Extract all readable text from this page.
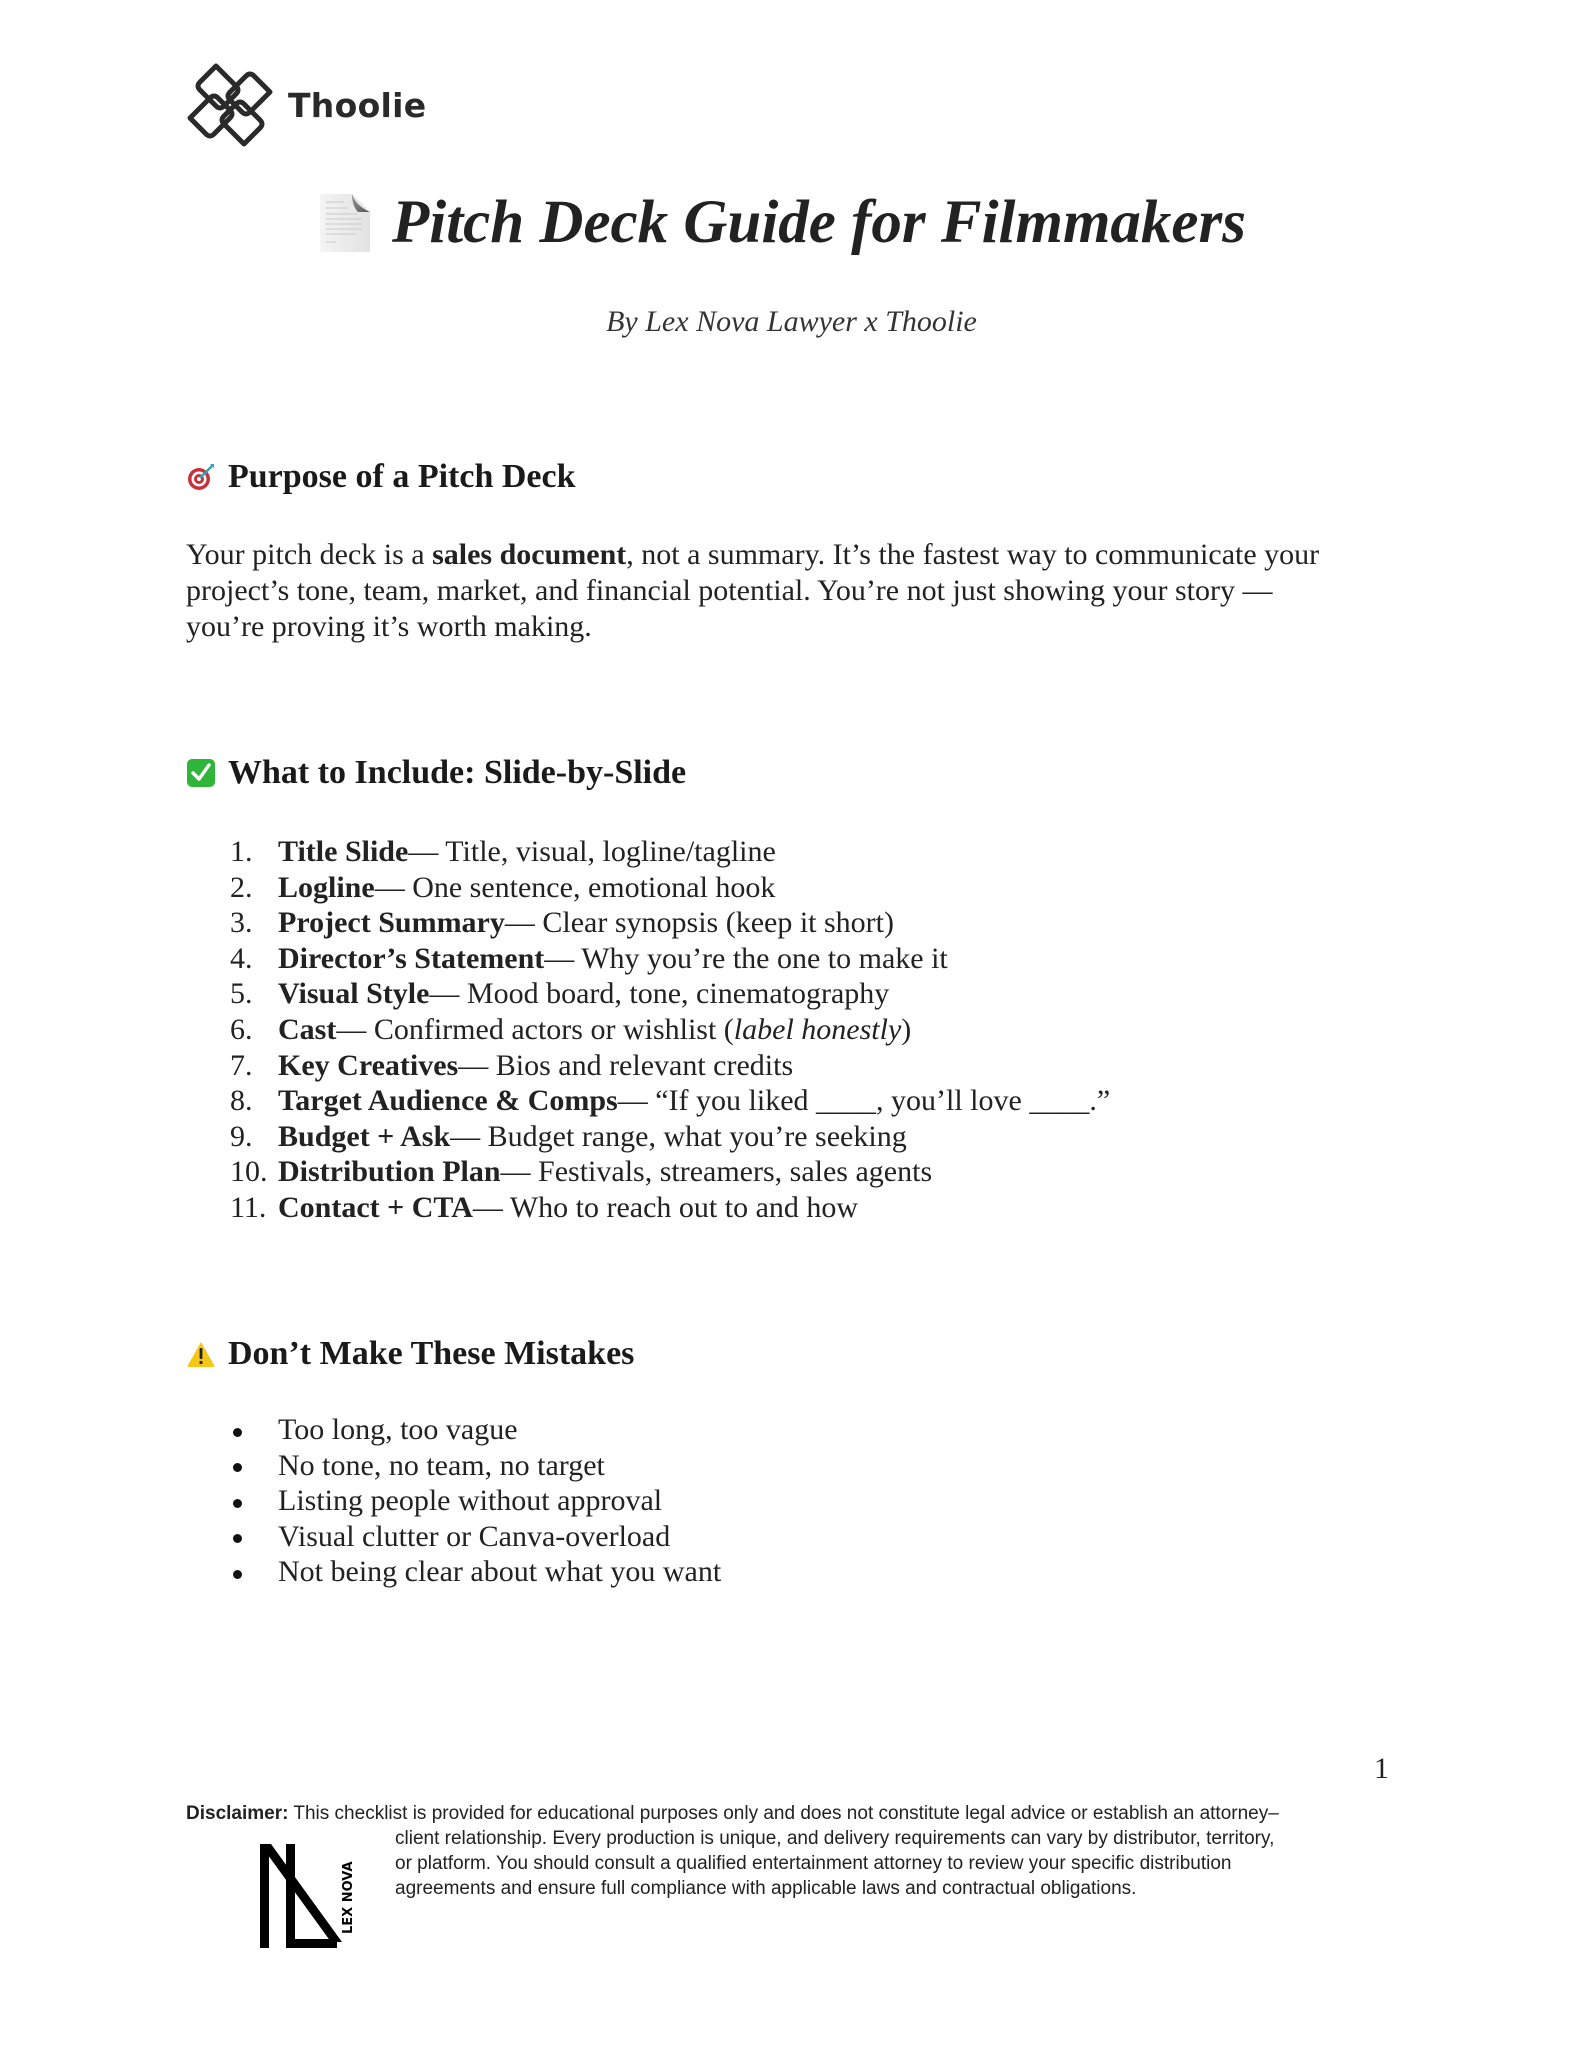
Thoolie
Pitch Deck Guide for Filmmakers
By Lex Nova Lawyer x Thoolie
Purpose of a Pitch Deck
Your pitch deck is a sales document, not a summary. It’s the fastest way to communicate your
project’s tone, team, market, and financial potential. You’re not just showing your story —
you’re proving it’s worth making.
What to Include: Slide-by-Slide
1. Title Slide — Title, visual, logline/tagline
2. Logline — One sentence, emotional hook
3. Project Summary — Clear synopsis (keep it short)
4. Director’s Statement — Why you’re the one to make it
5. Visual Style — Mood board, tone, cinematography
6. Cast — Confirmed actors or wishlist ( label honestly )
7. Key Creatives — Bios and relevant credits
8. Target Audience & Comps — “If you liked ____, you’ll love ____.”
9. Budget + Ask — Budget range, what you’re seeking
10. Distribution Plan — Festivals, streamers, sales agents
11. Contact + CTA — Who to reach out to and how
Don’t Make These Mistakes
Too long, too vague
No tone, no team, no target
Listing people without approval
Visual clutter or Canva-overload
Not being clear about what you want
1
Disclaimer: This checklist is provided for educational purposes only and does not constitute legal advice or establish an attorney–
client relationship. Every production is unique, and delivery requirements can vary by distributor, territory,
or platform. You should consult a qualified entertainment attorney to review your specific distribution
agreements and ensure full compliance with applicable laws and contractual obligations.
LEX NOVA
